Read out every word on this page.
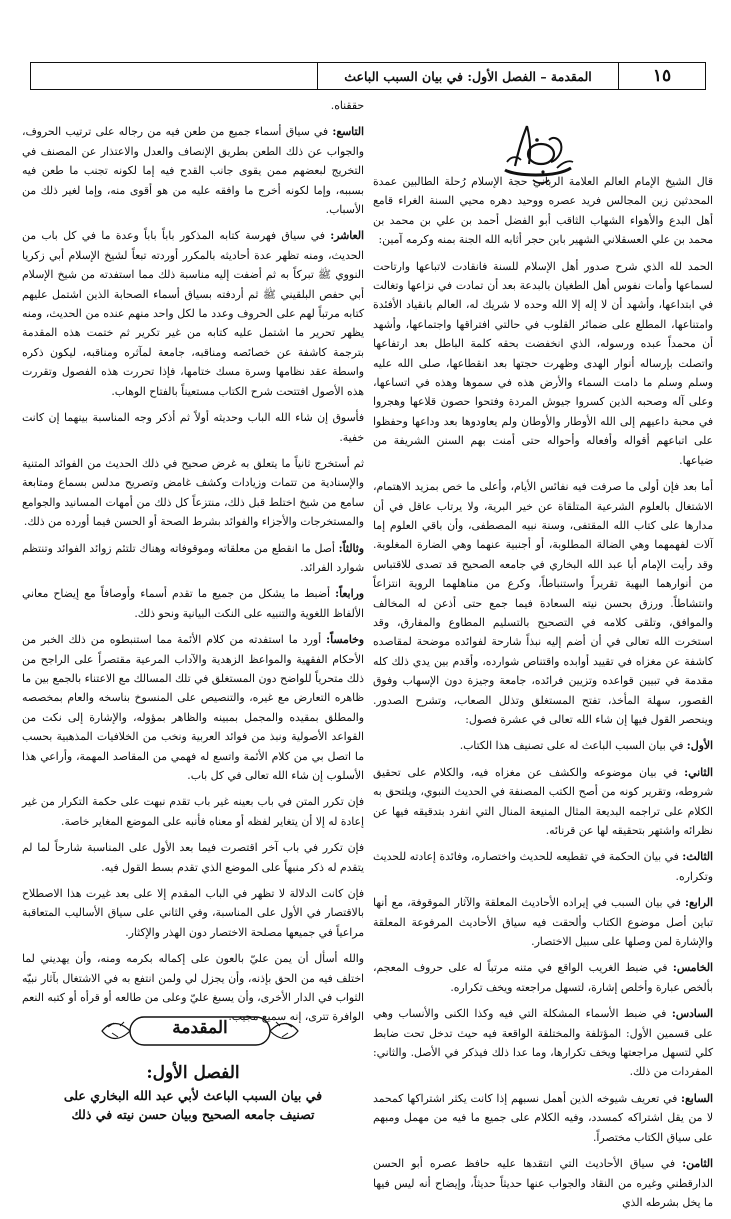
١٥
المقدمة – الفصل الأول: في بيان السبب الباعث

قال الشيخ الإمام العالم العلامة الرباني حجة الإسلام رُحلة الطالبين عمدة المحدثين زين المجالس فريد عصره ووحيد دهره محيي السنة الغراء قامع أهل البدع والأهواء الشهاب الثاقب أبو الفضل أحمد بن علي بن محمد بن محمد بن علي العسقلاني الشهير بابن حجر أثابه الله الجنة بمنه وكرمه آمين:

الحمد لله الذي شرح صدور أهل الإسلام للسنة فانقادت لاتباعها وارتاحت لسماعها وأمات نفوس أهل الطغيان بالبدعة بعد أن تمادت في نزاعها وتغالت في ابتداعها، وأشهد أن لا إله إلا الله وحده لا شريك له، العالم بانقياد الأفئدة وامتناعها، المطلع على ضمائر القلوب في حالتي افتراقها واجتماعها، وأشهد أن محمداً عبده ورسوله، الذي انخفضت بحقه كلمة الباطل بعد ارتفاعها واتصلت بإرساله أنوار الهدى وظهرت حجتها بعد انقطاعها، صلى الله عليه وسلم وسلم ما دامت السماء والأرض هذه في سموها وهذه في اتساعها، وعلى آله وصحبه الذين كسروا جيوش المردة وفتحوا حصون قلاعها وهجروا في محبة داعيهم إلى الله الأوطار والأوطان ولم يعاودوها بعد وداعها وحفظوا على اتباعهم أقواله وأفعاله وأحواله حتى أمنت بهم السنن الشريفة من ضياعها.

أما بعد فإن أولى ما صرفت فيه نفائس الأيام، وأعلى ما خص بمزيد الاهتمام، الاشتغال بالعلوم الشرعية المتلقاة عن خير البرية، ولا يرتاب عاقل في أن مدارها على كتاب الله المقتفى، وسنة نبيه المصطفى، وأن باقي العلوم إما آلات لفهمهما وهي الضالة المطلوبة، أو أجنبية عنهما وهي الضارة المغلوبة. وقد رأيت الإمام أبا عبد الله البخاري في جامعه الصحيح قد تصدى للاقتباس من أنوارهما البهية تقريراً واستنباطاً، وكرع من مناهلهما الروية انتزاعاً وانتشاطاً. ورزق بحسن نيته السعادة فيما جمع حتى أذعن له المخالف والموافق، وتلقى كلامه في التصحيح بالتسليم المطاوع والمفارق، وقد استخرت الله تعالى في أن أضم إليه نبذاً شارحة لفوائده موضحة لمقاصده كاشفة عن مغزاه في تقييد أوابده واقتناص شوارده، وأقدم بين يدي ذلك كله مقدمة في تبيين قواعده وتزيين فرائده، جامعة وجيزة دون الإسهاب وفوق القصور، سهلة المأخذ، تفتح المستغلق وتذلل الصعاب، وتشرح الصدور. وينحصر القول فيها إن شاء الله تعالى في عشرة فصول:

الأول: في بيان السبب الباعث له على تصنيف هذا الكتاب.

الثاني: في بيان موضوعه والكشف عن مغزاه فيه، والكلام على تحقيق شروطه، وتقرير كونه من أصح الكتب المصنفة في الحديث النبوي، ويلتحق به الكلام على تراجمه البديعة المثال المنيعة المنال التي انفرد بتدقيقه فيها عن نظرائه واشتهر بتحقيقه لها عن قرنائه.

الثالث: في بيان الحكمة في تقطيعه للحديث واختصاره، وفائدة إعادته للحديث وتكراره.

الرابع: في بيان السبب في إيراده الأحاديث المعلقة والآثار الموقوفة، مع أنها تباين أصل موضوع الكتاب وألحقت فيه سياق الأحاديث المرفوعة المعلقة والإشارة لمن وصلها على سبيل الاختصار.

الخامس: في ضبط الغريب الواقع في متنه مرتباً له على حروف المعجم، بألخص عبارة وأخلص إشارة، لتسهل مراجعته ويخف تكراره.

السادس: في ضبط الأسماء المشكلة التي فيه وكذا الكنى والأنساب وهي على قسمين الأول: المؤتلفة والمختلفة الواقعة فيه حيث تدخل تحت ضابط كلي لتسهل مراجعتها ويخف تكرارها، وما عدا ذلك فيذكر في الأصل. والثاني: المفردات من ذلك.

السابع: في تعريف شيوخه الذين أهمل نسبهم إذا كانت يكثر اشتراكها كمحمد لا من يقل اشتراكه كمسدد، وفيه الكلام على جميع ما فيه من مهمل ومبهم على سياق الكتاب مختصراً.

الثامن: في سياق الأحاديث التي انتقدها عليه حافظ عصره أبو الحسن الدارقطني وغيره من النقاد والجواب عنها حديثاً حديثاً، وإيضاح أنه ليس فيها ما يخل بشرطه الذي

حققناه.

التاسع: في سياق أسماء جميع من طعن فيه من رجاله على ترتيب الحروف، والجواب عن ذلك الطعن بطريق الإنصاف والعدل والاعتذار عن المصنف في التخريج لبعضهم ممن يقوى جانب القدح فيه إما لكونه تجنب ما طعن فيه بسببه، وإما لكونه أخرج ما وافقه عليه من هو أقوى منه، وإما لغير ذلك من الأسباب.

العاشر: في سياق فهرسة كتابه المذكور باباً باباً وعدة ما في كل باب من الحديث، ومنه تظهر عدة أحاديثه بالمكرر أوردته تبعاً لشيخ الإسلام أبي زكريا النووي ﷺ تبركاً به ثم أضفت إليه مناسبة ذلك مما استفدته من شيخ الإسلام أبي حفص البلقيني ﷺ ثم أردفته بسياق أسماء الصحابة الذين اشتمل عليهم كتابه مرتباً لهم على الحروف وعدد ما لكل واحد منهم عنده من الحديث، ومنه يظهر تحرير ما اشتمل عليه كتابه من غير تكرير ثم ختمت هذه المقدمة بترجمة كاشفة عن خصائصه ومناقبه، جامعة لمآثره ومناقبه، ليكون ذكره واسطة عقد نظامها وسرة مسك ختامها، فإذا تحررت هذه الفصول وتقررت هذه الأصول افتتحت شرح الكتاب مستعيناً بالفتاح الوهاب.

فأسوق إن شاء الله الباب وحديثه أولاً ثم أذكر وجه المناسبة بينهما إن كانت خفية.

ثم أستخرج ثانياً ما يتعلق به غرض صحيح في ذلك الحديث من الفوائد المتنية والإسنادية من تتمات وزيادات وكشف غامض وتصريح مدلس بسماع ومتابعة سامع من شيخ اختلط قبل ذلك، منتزعاً كل ذلك من أمهات المسانيد والجوامع والمستخرجات والأجزاء والفوائد بشرط الصحة أو الحسن فيما أورده من ذلك.

وثالثاً: أصل ما انقطع من معلقاته وموقوفاته وهناك تلتئم زوائد الفوائد وتنتظم شوارد الفرائد.

ورابعاً: أضبط ما يشكل من جميع ما تقدم أسماء وأوصافاً مع إيضاح معاني الألفاظ اللغوية والتنبيه على النكت البيانية ونحو ذلك.

وخامساً: أورد ما استفدته من كلام الأئمة مما استنبطوه من ذلك الخبر من الأحكام الفقهية والمواعظ الزهدية والآداب المرعية مقتصراً على الراجح من ذلك متحرياً للواضح دون المستغلق في تلك المسالك مع الاعتناء بالجمع بين ما ظاهره التعارض مع غيره، والتنصيص على المنسوخ بناسخه والعام بمخصصه والمطلق بمقيده والمجمل بمبينه والظاهر بمؤوله، والإشارة إلى نكت من القواعد الأصولية ونبذ من فوائد العربية ونخب من الخلافيات المذهبية بحسب ما اتصل بي من كلام الأئمة واتسع له فهمي من المقاصد المهمة، وأراعي هذا الأسلوب إن شاء الله تعالى في كل باب.

فإن تكرر المتن في باب بعينه غير باب تقدم نبهت على حكمة التكرار من غير إعادة له إلا أن يتغاير لفظه أو معناه فأنبه على الموضع المغاير خاصة.

فإن تكرر في باب آخر اقتصرت فيما بعد الأول على المناسبة شارحاً لما لم يتقدم له ذكر منبهاً على الموضع الذي تقدم بسط القول فيه.

فإن كانت الدلالة لا تظهر في الباب المقدم إلا على بعد غيرت هذا الاصطلاح بالاقتصار في الأول على المناسبة، وفي الثاني على سياق الأساليب المتعاقبة مراعياً في جميعها مصلحة الاختصار دون الهذر والإكثار.

والله أسأل أن يمن عليّ بالعون على إكماله بكرمه ومنه، وأن يهديني لما اختلف فيه من الحق بإذنه، وأن يجزل لي ولمن انتفع به في الاشتغال بآثار نبيّه الثواب في الدار الأخرى، وأن يسبغ عليّ وعلى من طالعه أو قرأه أو كتبه النعم الوافرة تترى، إنه سميع مجيب.

المقدمة
الفصل الأول:
في بيان السبب الباعث لأبي عبد الله البخاري على
تصنيف جامعه الصحيح وبيان حسن نيته في ذلك
